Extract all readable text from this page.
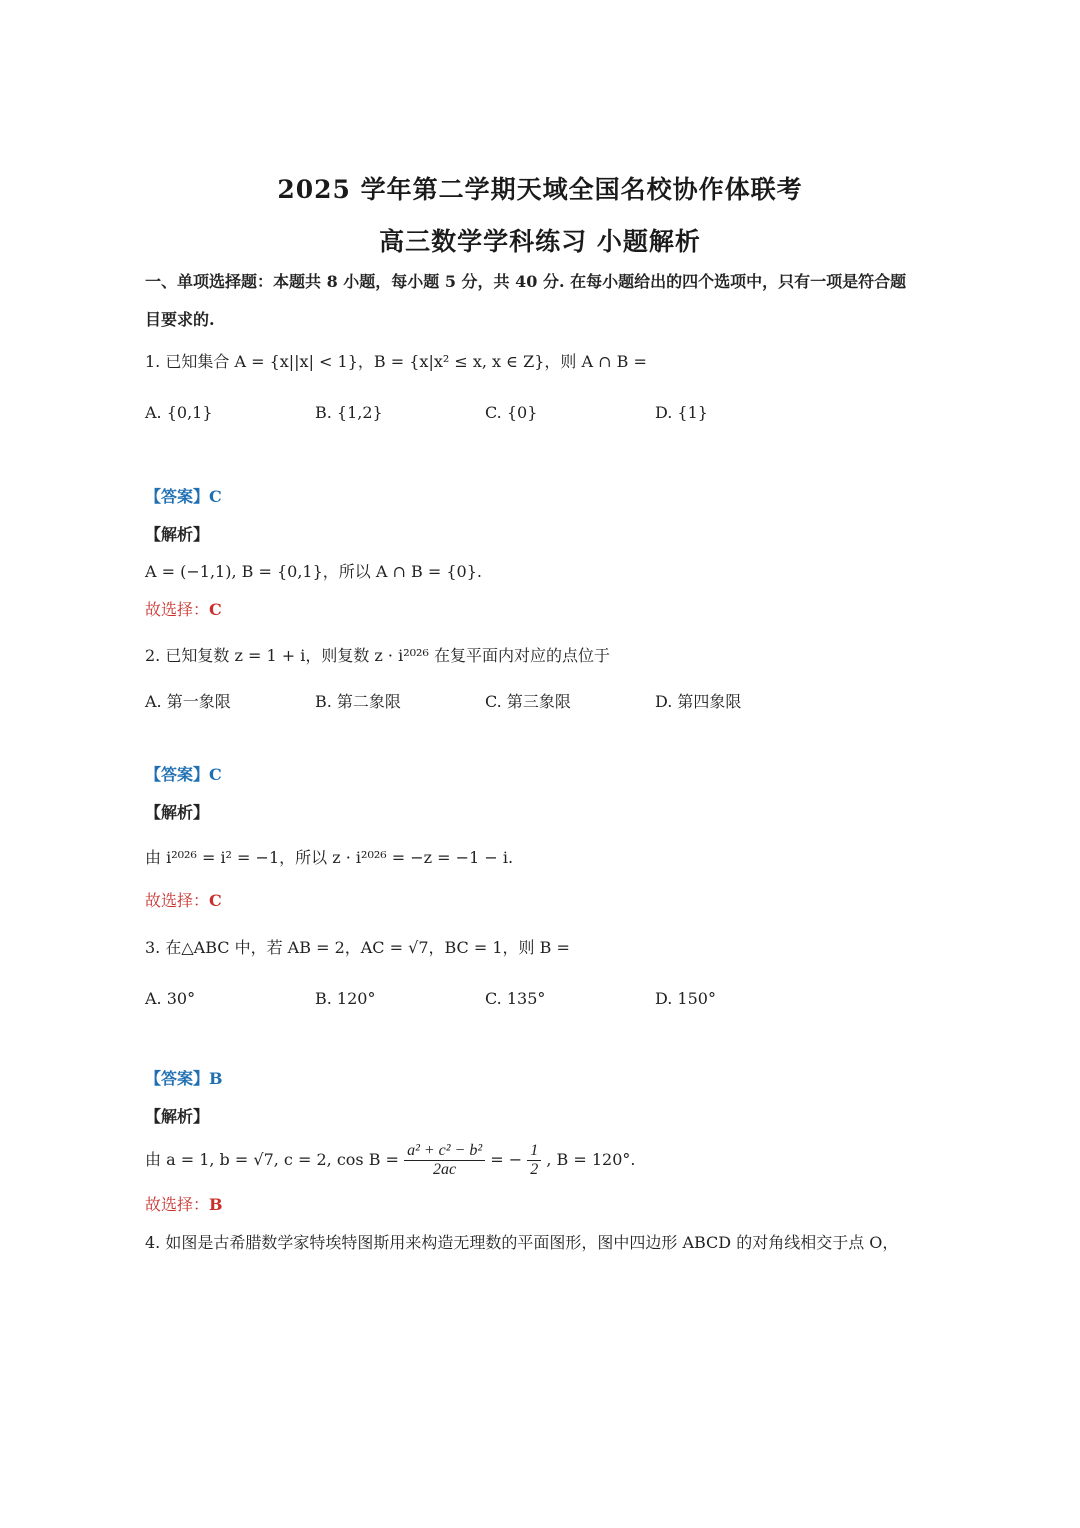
2025 学年第二学期天域全国名校协作体联考
高三数学学科练习 小题解析
一、单项选择题：本题共 8 小题，每小题 5 分，共 40 分. 在每小题给出的四个选项中，只有一项是符合题
目要求的.
1. 已知集合 A = {x||x| < 1}，B = {x|x² ≤ x, x ∈ Z}，则 A ∩ B =
A. {0,1}	B. {1,2}	C. {0}	D. {1}
【答案】C
【解析】
A = (−1,1), B = {0,1}，所以 A ∩ B = {0}.
故选择：C
2. 已知复数 z = 1 + i，则复数 z · i²⁰²⁶ 在复平面内对应的点位于
A. 第一象限	B. 第二象限	C. 第三象限	D. 第四象限
【答案】C
【解析】
由 i²⁰²⁶ = i² = −1，所以 z · i²⁰²⁶ = −z = −1 − i.
故选择：C
3. 在△ABC 中，若 AB = 2，AC = √7，BC = 1，则 B =
A. 30°	B. 120°	C. 135°	D. 150°
【答案】B
【解析】
由 a = 1, b = √7, c = 2, $\cos B = \frac{\text{a² + c² − b²}}{2ac}$ = − $\frac{1}{2}$ , B = 120°.
故选择：B
4. 如图是古希腊数学家特埃特图斯用来构造无理数的平面图形，图中四边形 ABCD 的对角线相交于点 O，
